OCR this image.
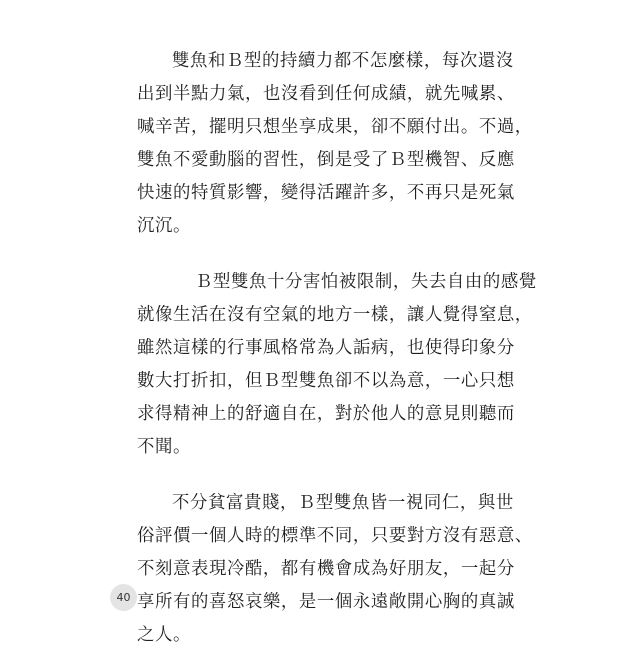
雙魚和Ｂ型的持續力都不怎麼樣，每次還沒
出到半點力氣，也沒看到任何成績，就先喊累、
喊辛苦，擺明只想坐享成果，卻不願付出。不過，
雙魚不愛動腦的習性，倒是受了Ｂ型機智、反應
快速的特質影響，變得活躍許多，不再只是死氣
沉沉。

Ｂ型雙魚十分害怕被限制，失去自由的感覺
就像生活在沒有空氣的地方一樣，讓人覺得窒息，
雖然這樣的行事風格常為人詬病，也使得印象分
數大打折扣，但Ｂ型雙魚卻不以為意，一心只想
求得精神上的舒適自在，對於他人的意見則聽而
不聞。

不分貧富貴賤，Ｂ型雙魚皆一視同仁，與世
俗評價一個人時的標準不同，只要對方沒有惡意、
不刻意表現冷酷，都有機會成為好朋友，一起分
享所有的喜怒哀樂，是一個永遠敞開心胸的真誠
之人。

40
